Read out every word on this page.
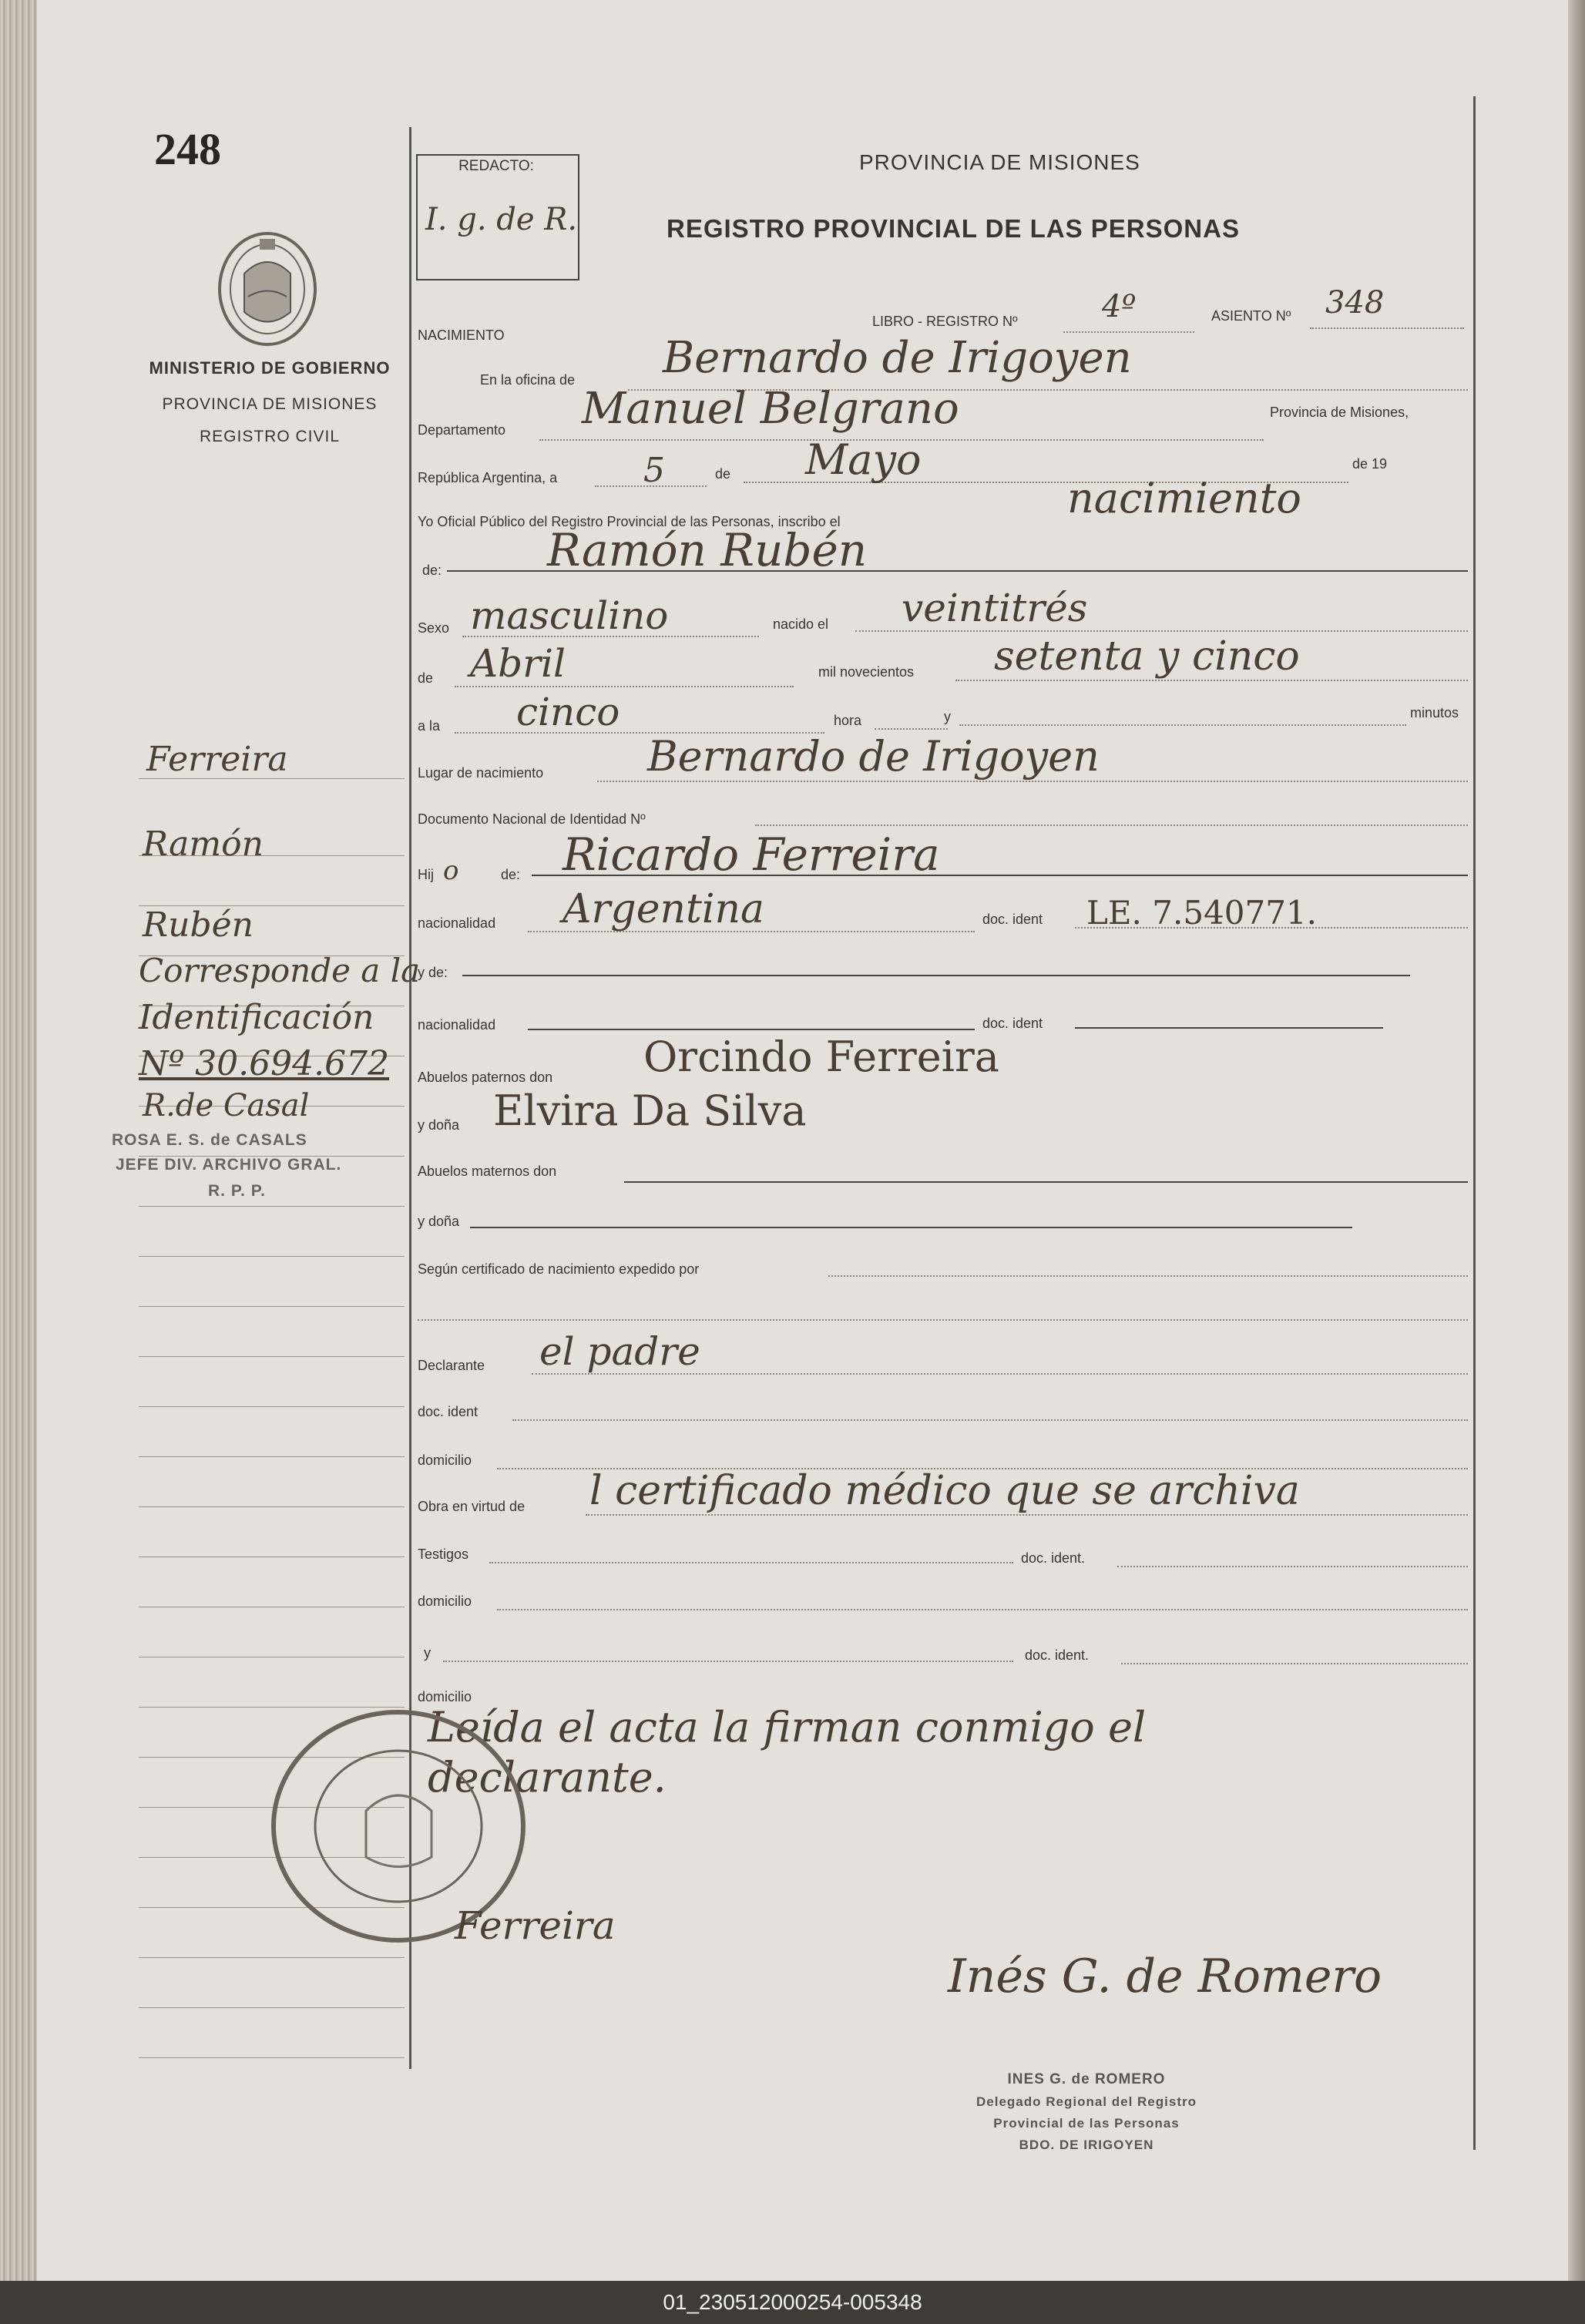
248
MINISTERIO DE GOBIERNO
PROVINCIA DE MISIONES
REGISTRO CIVIL
REDACTO:
I. g. de R.
PROVINCIA DE MISIONES
REGISTRO PROVINCIAL DE LAS PERSONAS
NACIMIENTO
LIBRO - REGISTRO Nº	4º	ASIENTO Nº 348
En la oficina de Bernardo de Irigoyen
Departamento Manuel Belgrano	Provincia de Misiones,
República Argentina, a	5	de Mayo	de 19
Yo Oficial Público del Registro Provincial de las Personas, inscribo el	nacimiento
de: Ramón Rubén
Sexo masculino	nacido el veintitrés
de Abril	mil novecientos setenta y cinco
a la cinco	hora	y	minutos
Lugar de nacimiento Bernardo de Irigoyen
Documento Nacional de Identidad Nº
Hij o	de: Ricardo Ferreira
nacionalidad Argentina	doc. ident LE. 7.540771.
y de:
nacionalidad	doc. ident
Abuelos paternos don Orcindo Ferreira
y doña Elvira Da Silva
Abuelos maternos don
y doña
Según certificado de nacimiento expedido por
Declarante el padre
doc. ident
domicilio
Obra en virtud de l certificado médico que se archiva
Testigos	doc. ident.
domicilio
y	doc. ident.
domicilio
Leída el acta la firman conmigo el
declarante.
Ferreira
Ramón
Rubén
Corresponde a la
Identificación
Nº 30.694.672
R.de Casal
ROSA E. S. de CASALS
JEFE DIV. ARCHIVO GRAL.
R. P. P.
Ferreira
Inés G. de Romero
INES G. de ROMERO
Delegado Regional del Registro
Provincial de las Personas
BDO. DE IRIGOYEN
01_230512000254-005348
